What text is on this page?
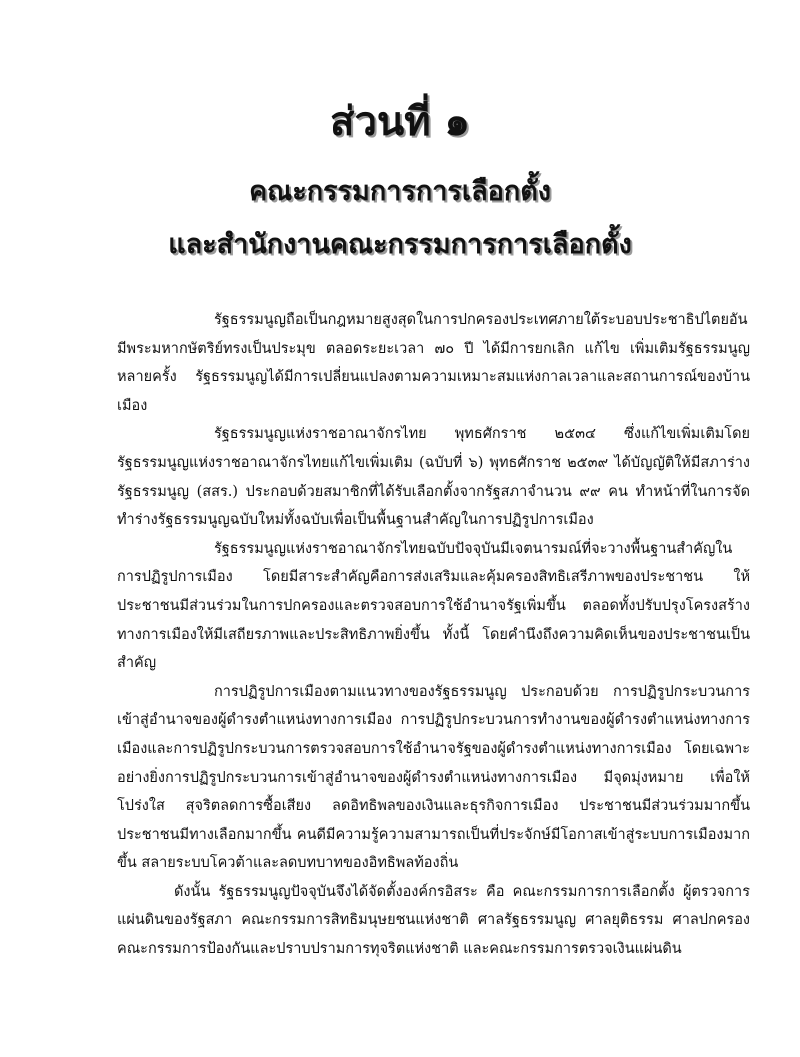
ส่วนที่ ๑
คณะกรรมการการเลือกตั้ง
และสำนักงานคณะกรรมการการเลือกตั้ง

รัฐธรรมนูญถือเป็นกฎหมายสูงสุดในการปกครองประเทศภายใต้ระบอบประชาธิปไตยอันมีพระมหากษัตริย์ทรงเป็นประมุข ตลอดระยะเวลา ๗๐ ปี ได้มีการยกเลิก แก้ไข เพิ่มเติมรัฐธรรมนูญหลายครั้ง รัฐธรรมนูญได้มีการเปลี่ยนแปลงตามความเหมาะสมแห่งกาลเวลาและสถานการณ์ของบ้านเมือง

รัฐธรรมนูญแห่งราชอาณาจักรไทย พุทธศักราช ๒๕๓๔ ซึ่งแก้ไขเพิ่มเติมโดยรัฐธรรมนูญแห่งราชอาณาจักรไทยแก้ไขเพิ่มเติม (ฉบับที่ ๖) พุทธศักราช ๒๕๓๙ ได้บัญญัติให้มีสภาร่างรัฐธรรมนูญ (สสร.) ประกอบด้วยสมาชิกที่ได้รับเลือกตั้งจากรัฐสภาจำนวน ๙๙ คน ทำหน้าที่ในการจัดทำร่างรัฐธรรมนูญฉบับใหม่ทั้งฉบับเพื่อเป็นพื้นฐานสำคัญในการปฏิรูปการเมือง

รัฐธรรมนูญแห่งราชอาณาจักรไทยฉบับปัจจุบันมีเจตนารมณ์ที่จะวางพื้นฐานสำคัญในการปฏิรูปการเมือง โดยมีสาระสำคัญคือการส่งเสริมและคุ้มครองสิทธิเสรีภาพของประชาชน ให้ประชาชนมีส่วนร่วมในการปกครองและตรวจสอบการใช้อำนาจรัฐเพิ่มขึ้น ตลอดทั้งปรับปรุงโครงสร้างทางการเมืองให้มีเสถียรภาพและประสิทธิภาพยิ่งขึ้น ทั้งนี้ โดยคำนึงถึงความคิดเห็นของประชาชนเป็นสำคัญ

การปฏิรูปการเมืองตามแนวทางของรัฐธรรมนูญ ประกอบด้วย การปฏิรูปกระบวนการเข้าสู่อำนาจของผู้ดำรงตำแหน่งทางการเมือง การปฏิรูปกระบวนการทำงานของผู้ดำรงตำแหน่งทางการเมืองและการปฏิรูปกระบวนการตรวจสอบการใช้อำนาจรัฐของผู้ดำรงตำแหน่งทางการเมือง โดยเฉพาะอย่างยิ่งการปฏิรูปกระบวนการเข้าสู่อำนาจของผู้ดำรงตำแหน่งทางการเมือง มีจุดมุ่งหมาย เพื่อให้โปร่งใส สุจริตลดการซื้อเสียง ลดอิทธิพลของเงินและธุรกิจการเมือง ประชาชนมีส่วนร่วมมากขึ้น ประชาชนมีทางเลือกมากขึ้น คนดีมีความรู้ความสามารถเป็นที่ประจักษ์มีโอกาสเข้าสู่ระบบการเมืองมากขึ้น สลายระบบโควต้าและลดบทบาทของอิทธิพลท้องถิ่น

ดังนั้น รัฐธรรมนูญปัจจุบันจึงได้จัดตั้งองค์กรอิสระ คือ คณะกรรมการการเลือกตั้ง ผู้ตรวจการแผ่นดินของรัฐสภา คณะกรรมการสิทธิมนุษยชนแห่งชาติ ศาลรัฐธรรมนูญ ศาลยุติธรรม ศาลปกครอง คณะกรรมการป้องกันและปราบปรามการทุจริตแห่งชาติ และคณะกรรมการตรวจเงินแผ่นดิน
